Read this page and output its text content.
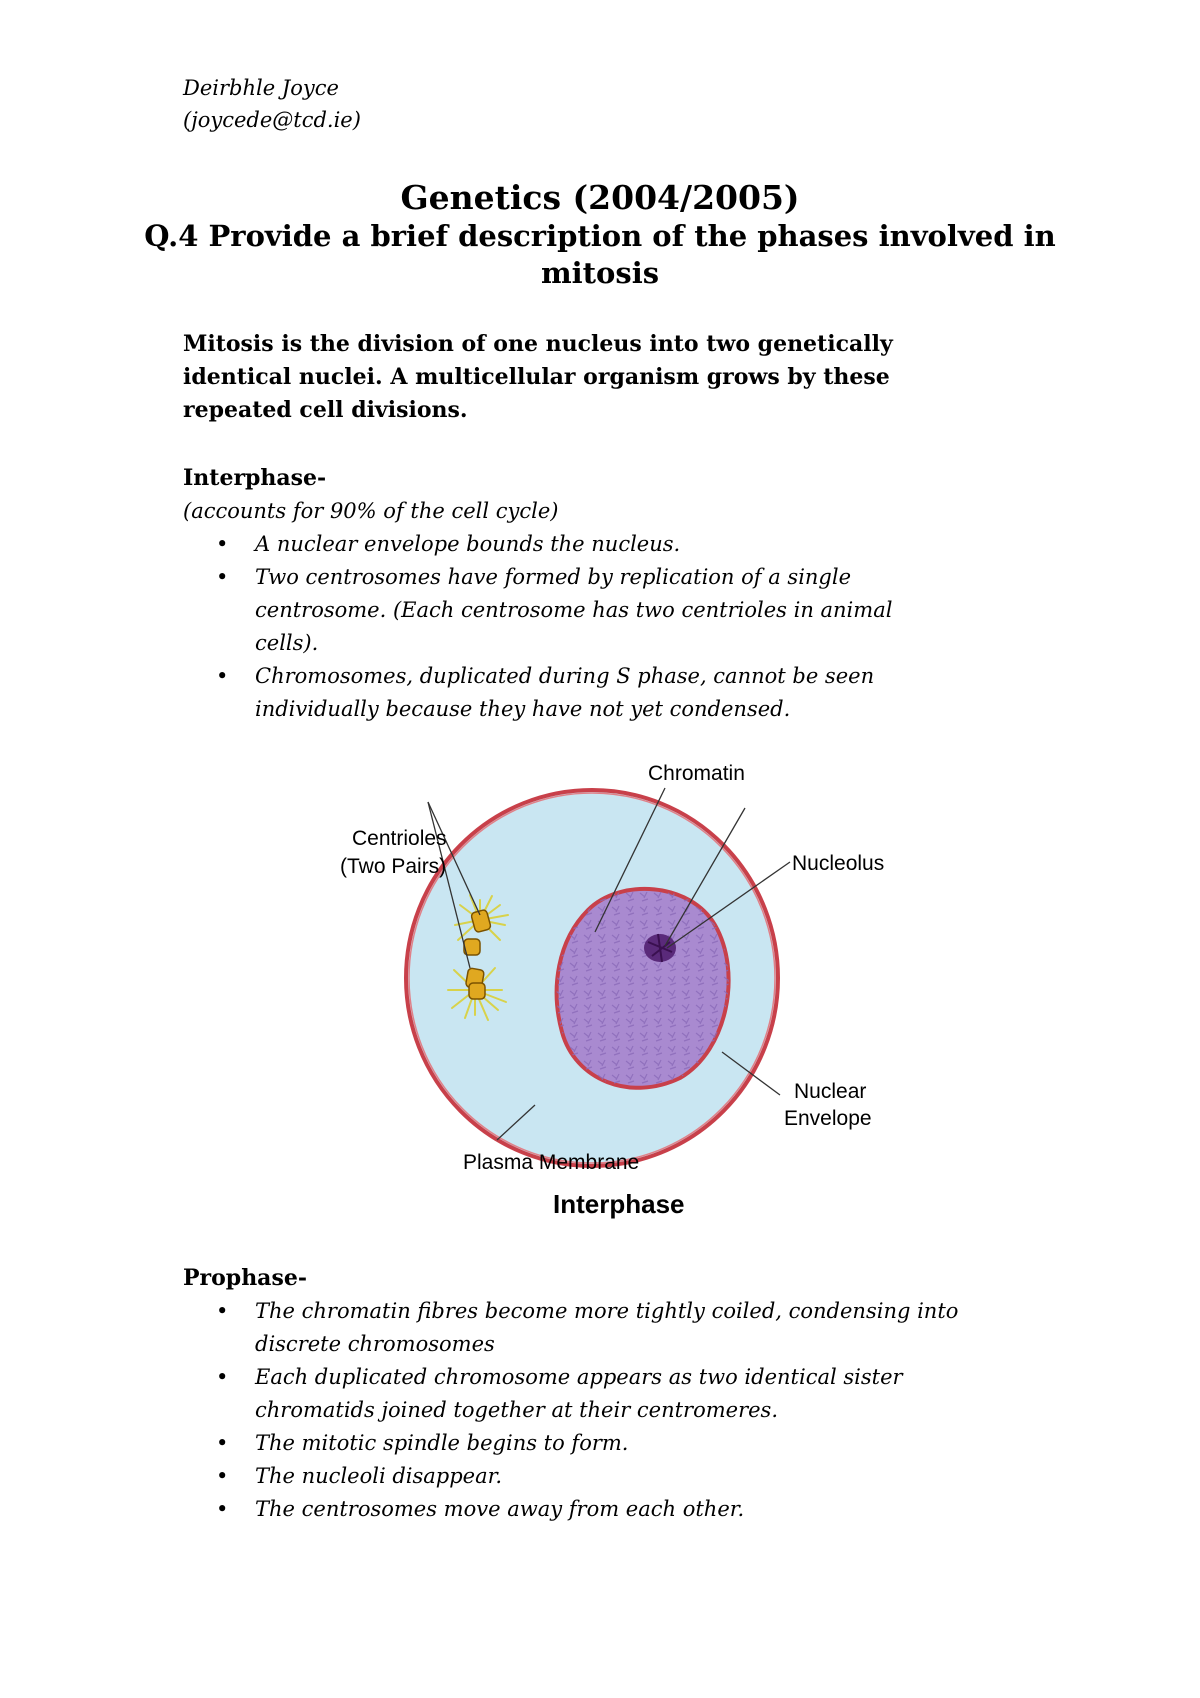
Deirbhle Joyce
(joycede@tcd.ie)
Genetics (2004/2005)
Q.4 Provide a brief description of the phases involved in
mitosis
Mitosis is the division of one nucleus into two genetically
identical nuclei. A multicellular organism grows by these
repeated cell divisions.
Interphase-
(accounts for 90% of the cell cycle)
• A nuclear envelope bounds the nucleus.
• Two centrosomes have formed by replication of a single
centrosome. (Each centrosome has two centrioles in animal
cells).
• Chromosomes, duplicated during S phase, cannot be seen
individually because they have not yet condensed.
Chromatin
Centrioles
(Two Pairs)	Nucleolus
Nuclear
Envelope
Plasma Membrane
Interphase
Prophase-
• The chromatin fibres become more tightly coiled, condensing into
discrete chromosomes
• Each duplicated chromosome appears as two identical sister
chromatids joined together at their centromeres.
• The mitotic spindle begins to form.
• The nucleoli disappear.
• The centrosomes move away from each other.
